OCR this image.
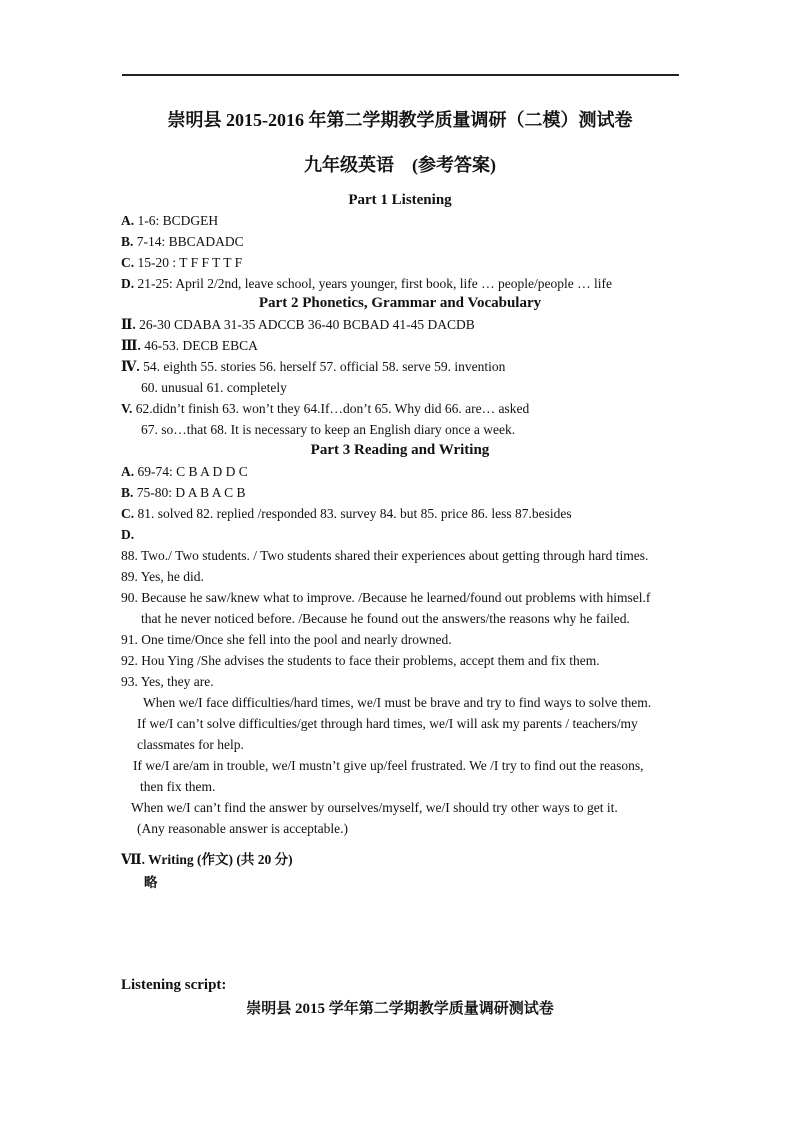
崇明县 2015-2016 年第二学期教学质量调研（二模）测试卷
九年级英语　(参考答案)
Part 1 Listening
A. 1-6: BCDGEH
B. 7-14: BBCADADC
C. 15-20 : T F F T T F
D. 21-25: April 2/2nd, leave school, years younger, first book, life … people/people … life
Part 2 Phonetics, Grammar and Vocabulary
Ⅱ. 26-30 CDABA 31-35 ADCCB 36-40 BCBAD 41-45 DACDB
Ⅲ. 46-53. DECB EBCA
Ⅳ. 54. eighth 55. stories 56. herself 57. official 58. serve 59. invention
60. unusual 61. completely
V. 62.didn’t finish 63. won’t they 64.If…don’t 65. Why did 66. are… asked
67. so…that 68. It is necessary to keep an English diary once a week.
Part 3 Reading and Writing
A. 69-74: C B A D D C
B. 75-80: D A B A C B
C. 81. solved 82. replied /responded 83. survey 84. but 85. price 86. less 87.besides
D.
88. Two./ Two students. / Two students shared their experiences about getting through hard times.
89. Yes, he did.
90. Because he saw/knew what to improve. /Because he learned/found out problems with himsel.f
that he never noticed before. /Because he found out the answers/the reasons why he failed.
91. One time/Once she fell into the pool and nearly drowned.
92. Hou Ying /She advises the students to face their problems, accept them and fix them.
93. Yes, they are.
When we/I face difficulties/hard times, we/I must be brave and try to find ways to solve them.
If we/I can’t solve difficulties/get through hard times, we/I will ask my parents / teachers/my
classmates for help.
If we/I are/am in trouble, we/I mustn’t give up/feel frustrated. We /I try to find out the reasons,
then fix them.
When we/I can’t find the answer by ourselves/myself, we/I should try other ways to get it.
(Any reasonable answer is acceptable.)
Ⅶ. Writing (作文) (共 20 分)
略
Listening script:
崇明县 2015 学年第二学期教学质量调研测试卷
